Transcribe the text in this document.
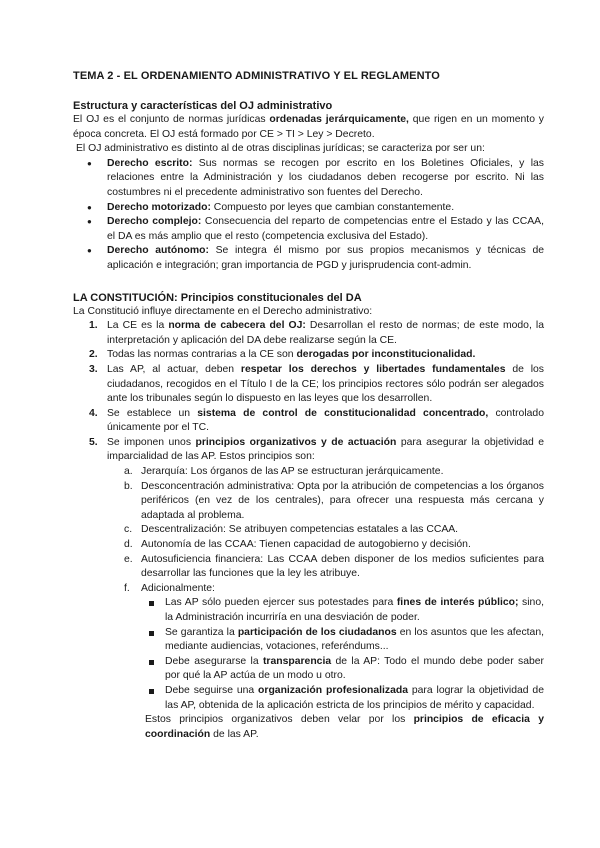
TEMA 2 - EL ORDENAMIENTO ADMINISTRATIVO Y EL REGLAMENTO
Estructura y características del OJ administrativo

El OJ es el conjunto de normas jurídicas ordenadas jerárquicamente, que rigen en un momento y época concreta. El OJ está formado por CE > TI > Ley > Decreto.

El OJ administrativo es distinto al de otras disciplinas jurídicas; se caracteriza por ser un:

● Derecho escrito: Sus normas se recogen por escrito en los Boletines Oficiales, y las relaciones entre la Administración y los ciudadanos deben recogerse por escrito. Ni las costumbres ni el precedente administrativo son fuentes del Derecho.
● Derecho motorizado: Compuesto por leyes que cambian constantemente.
● Derecho complejo: Consecuencia del reparto de competencias entre el Estado y las CCAA, el DA es más amplio que el resto (competencia exclusiva del Estado).
● Derecho autónomo: Se integra él mismo por sus propios mecanismos y técnicas de aplicación e integración; gran importancia de PGD y jurisprudencia cont-admin.
LA CONSTITUCIÓN: Principios constitucionales del DA

La Constitució influye directamente en el Derecho administrativo:

1. La CE es la norma de cabecera del OJ: Desarrollan el resto de normas; de este modo, la interpretación y aplicación del DA debe realizarse según la CE.
2. Todas las normas contrarias a la CE son derogadas por inconstitucionalidad.
3. Las AP, al actuar, deben respetar los derechos y libertades fundamentales de los ciudadanos, recogidos en el Título I de la CE; los principios rectores sólo podrán ser alegados ante los tribunales según lo dispuesto en las leyes que los desarrollen.
4. Se establece un sistema de control de constitucionalidad concentrado, controlado únicamente por el TC.
5. Se imponen unos principios organizativos y de actuación para asegurar la objetividad e imparcialidad de las AP. Estos principios son:
a. Jerarquía: Los órganos de las AP se estructuran jerárquicamente.
b. Desconcentración administrativa: Opta por la atribución de competencias a los órganos periféricos (en vez de los centrales), para ofrecer una respuesta más cercana y adaptada al problema.
c. Descentralización: Se atribuyen competencias estatales a las CCAA.
d. Autonomía de las CCAA: Tienen capacidad de autogobierno y decisión.
e. Autosuficiencia financiera: Las CCAA deben disponer de los medios suficientes para desarrollar las funciones que la ley les atribuye.
f. Adicionalmente:
Las AP sólo pueden ejercer sus potestades para fines de interés público; sino, la Administración incurriría en una desviación de poder.
Se garantiza la participación de los ciudadanos en los asuntos que les afectan, mediante audiencias, votaciones, referéndums...
Debe asegurarse la transparencia de la AP: Todo el mundo debe poder saber por qué la AP actúa de un modo u otro.
Debe seguirse una organización profesionalizada para lograr la objetividad de las AP, obtenida de la aplicación estricta de los principios de mérito y capacidad.

Estos principios organizativos deben velar por los principios de eficacia y coordinación de las AP.
